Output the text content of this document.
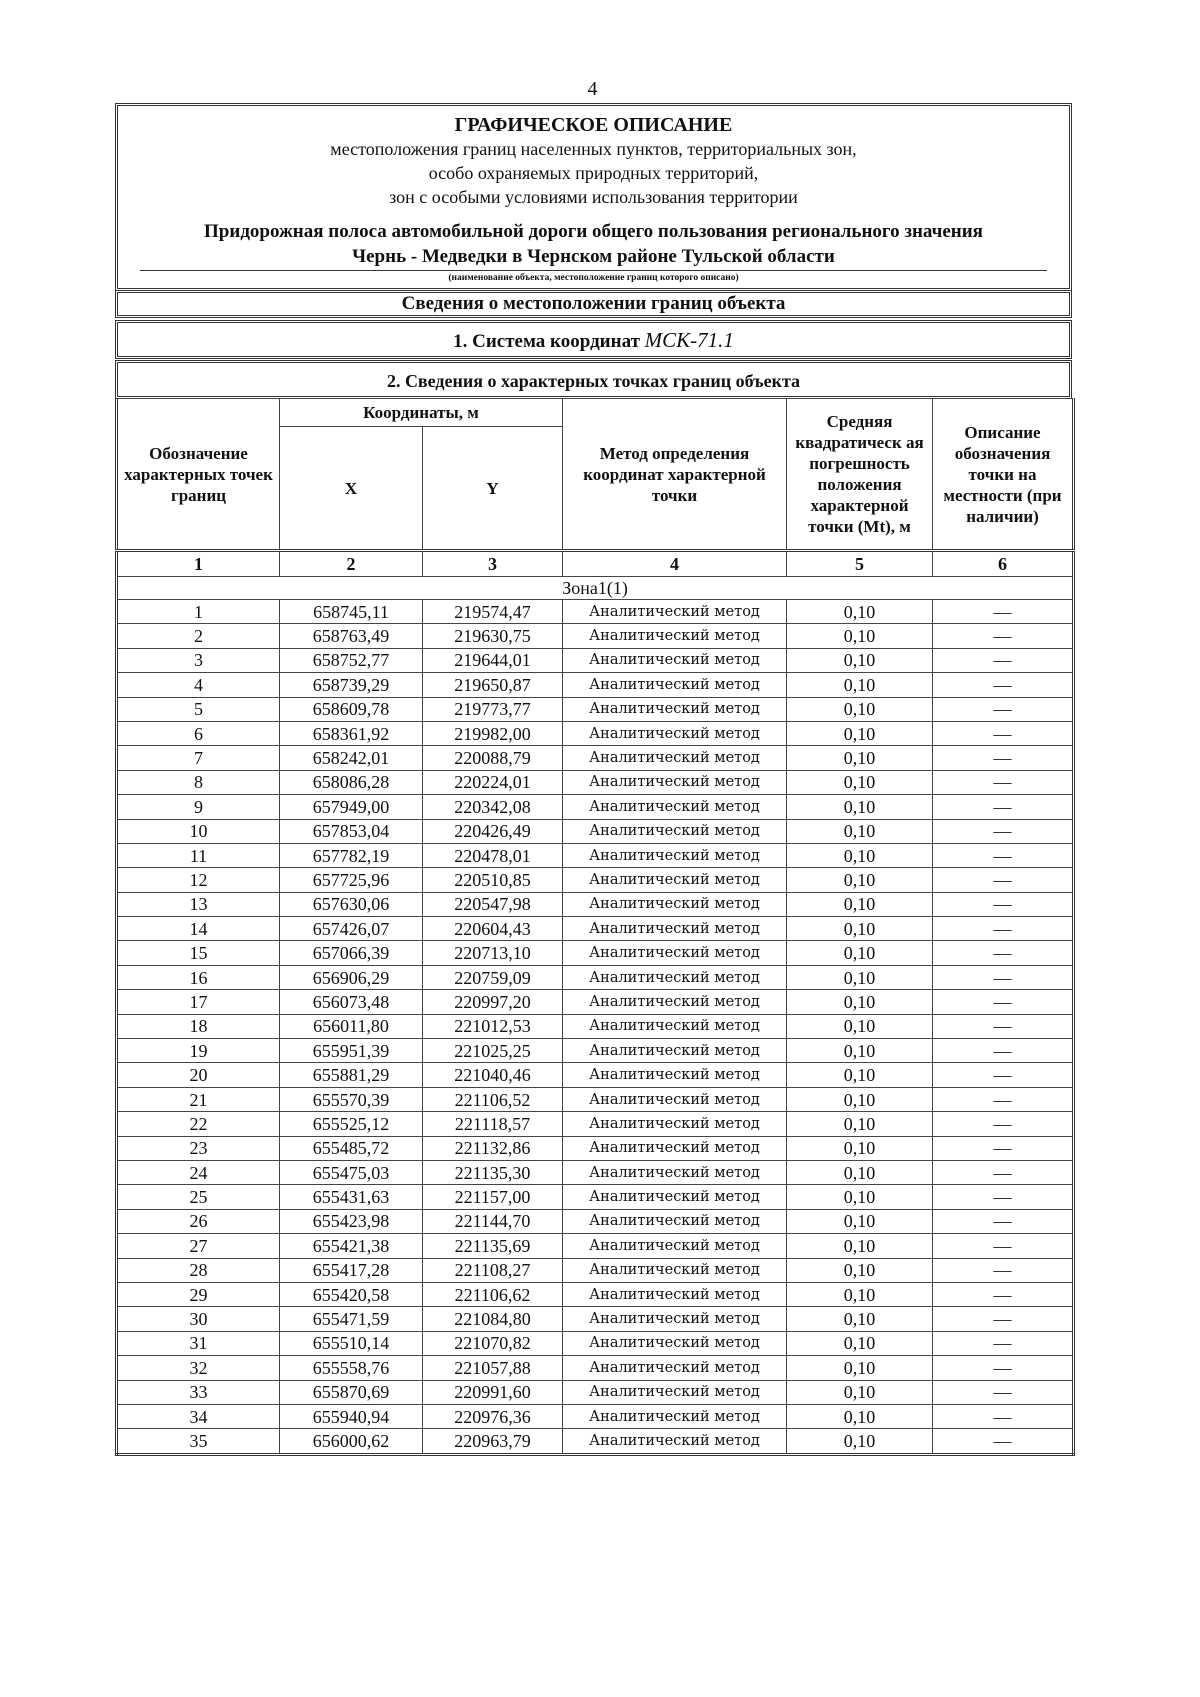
4
ГРАФИЧЕСКОЕ ОПИСАНИЕ
местоположения границ населенных пунктов, территориальных зон,
особо охраняемых природных территорий,
зон с особыми условиями использования территории
Придорожная полоса автомобильной дороги общего пользования регионального значения
Чернь - Медведки в Чернском районе Тульской области
(наименование объекта, местоположение границ которого описано)
Сведения о местоположении границ объекта
1. Система координат МСК-71.1
2. Сведения о характерных точках границ объекта
Обозначение характерных точек границ	Координаты, м		Метод определения координат характерной точки	Средняя квадратическ ая погрешность положения характерной точки (Mt), м	Описание обозначения точки на местности (при наличии)
	X	Y			
1	2	3	4	5	6
Зона1(1)					
1	658745,11	219574,47	Аналитический метод	0,10	—
2	658763,49	219630,75	Аналитический метод	0,10	—
3	658752,77	219644,01	Аналитический метод	0,10	—
4	658739,29	219650,87	Аналитический метод	0,10	—
5	658609,78	219773,77	Аналитический метод	0,10	—
6	658361,92	219982,00	Аналитический метод	0,10	—
7	658242,01	220088,79	Аналитический метод	0,10	—
8	658086,28	220224,01	Аналитический метод	0,10	—
9	657949,00	220342,08	Аналитический метод	0,10	—
10	657853,04	220426,49	Аналитический метод	0,10	—
11	657782,19	220478,01	Аналитический метод	0,10	—
12	657725,96	220510,85	Аналитический метод	0,10	—
13	657630,06	220547,98	Аналитический метод	0,10	—
14	657426,07	220604,43	Аналитический метод	0,10	—
15	657066,39	220713,10	Аналитический метод	0,10	—
16	656906,29	220759,09	Аналитический метод	0,10	—
17	656073,48	220997,20	Аналитический метод	0,10	—
18	656011,80	221012,53	Аналитический метод	0,10	—
19	655951,39	221025,25	Аналитический метод	0,10	—
20	655881,29	221040,46	Аналитический метод	0,10	—
21	655570,39	221106,52	Аналитический метод	0,10	—
22	655525,12	221118,57	Аналитический метод	0,10	—
23	655485,72	221132,86	Аналитический метод	0,10	—
24	655475,03	221135,30	Аналитический метод	0,10	—
25	655431,63	221157,00	Аналитический метод	0,10	—
26	655423,98	221144,70	Аналитический метод	0,10	—
27	655421,38	221135,69	Аналитический метод	0,10	—
28	655417,28	221108,27	Аналитический метод	0,10	—
29	655420,58	221106,62	Аналитический метод	0,10	—
30	655471,59	221084,80	Аналитический метод	0,10	—
31	655510,14	221070,82	Аналитический метод	0,10	—
32	655558,76	221057,88	Аналитический метод	0,10	—
33	655870,69	220991,60	Аналитический метод	0,10	—
34	655940,94	220976,36	Аналитический метод	0,10	—
35	656000,62	220963,79	Аналитический метод	0,10	—
